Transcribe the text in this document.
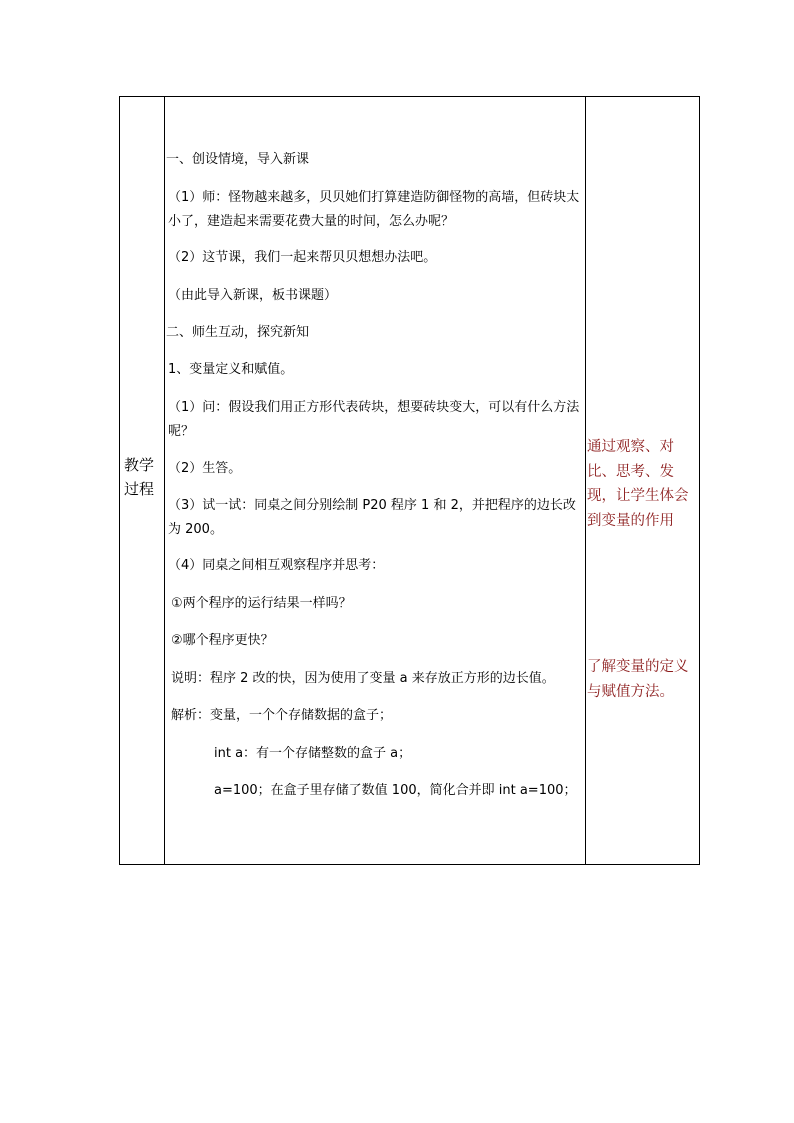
教学过程
一、创设情境，导入新课
（1）师：怪物越来越多，贝贝她们打算建造防御怪物的高墙，但砖块太小了，建造起来需要花费大量的时间，怎么办呢？
（2）这节课，我们一起来帮贝贝想想办法吧。
（由此导入新课，板书课题）
二、师生互动，探究新知
1、变量定义和赋值。
（1）问：假设我们用正方形代表砖块，想要砖块变大，可以有什么方法呢？
（2）生答。
（3）试一试：同桌之间分别绘制 P20 程序 1 和 2，并把程序的边长改为 200。
（4）同桌之间相互观察程序并思考：
①两个程序的运行结果一样吗？
②哪个程序更快？
说明：程序 2 改的快，因为使用了变量 a 来存放正方形的边长值。
解析：变量，一个个存储数据的盒子；
int a：有一个存储整数的盒子 a；
a=100；在盒子里存储了数值 100，简化合并即 int a=100；
通过观察、对比、思考、发现，让学生体会到变量的作用
了解变量的定义与赋值方法。
